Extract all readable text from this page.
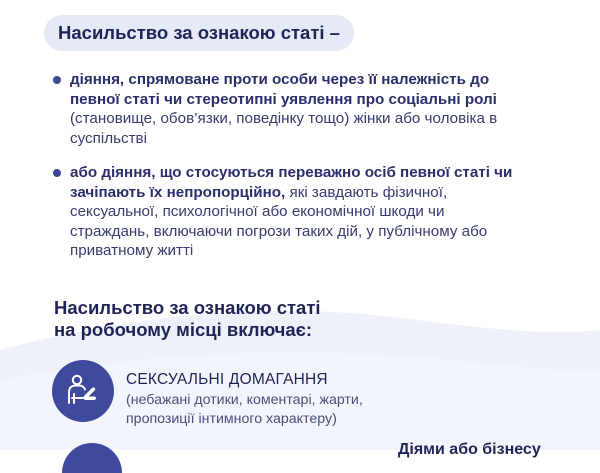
Насильство за ознакою статі –
діяння, спрямоване проти особи через її належність до певної статі чи стереотипні уявлення про соціальні ролі (становище, обов’язки, поведінку тощо) жінки або чоловіка в суспільстві
або діяння, що стосуються переважно осіб певної статі чи зачіпають їх непропорційно, які завдають фізичної, сексуальної, психологічної або економічної шкоди чи страждань, включаючи погрози таких дій, у публічному або приватному житті
Насильство за ознакою статі
на робочому місці включає:
СЕКСУАЛЬНІ ДОМАГАННЯ
(небажані дотики, коментарі, жарти,
пропозиції інтимного характеру)
Діями або бізнесу
